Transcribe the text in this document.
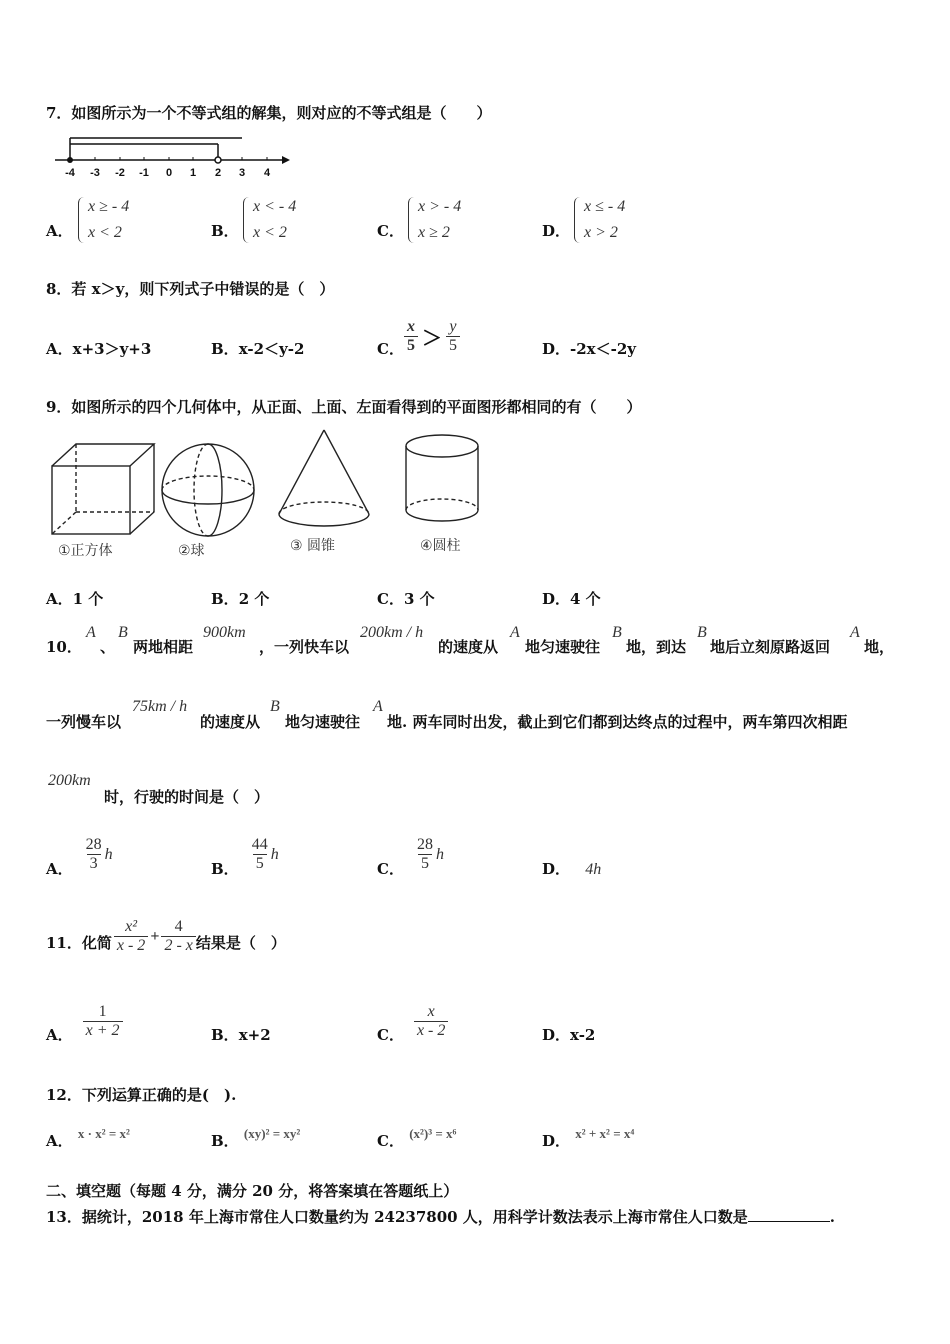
7．如图所示为一个不等式组的解集，则对应的不等式组是（　　）
-4 -3 -2 -1 0 1 2 3 4
A．
x ≥ - 4
x < 2	B．
x < - 4
x < 2	C．
x > - 4
x ≥ 2	D．
x ≤ - 4
x > 2
8．若 x＞y，则下列式子中错误的是（　）
A．x+3＞y+3	B．x-2＜y-2	C． $\frac{x}{5} > \frac{y}{5}$	D．-2x＜-2y
9．如图所示的四个几何体中，从正面、上面、左面看得到的平面图形都相同的有（　　）
①正方体	②球	③ 圆锥	④圆柱
A．1 个	B．2 个	C．3 个	D．4 个
10．
A
、
B
两地相距
900km
，一列快车以
200km / h
的速度从
A
地匀速驶往
B
地，到达
B
地后立刻原路返回
A
地，
一列慢车以
75km / h
的速度从
B
地匀速驶往
A
地. 两车同时出发，截止到它们都到达终点的过程中，两车第四次相距
200km
时，行驶的时间是（　）
A． $\frac{28}{3}$ h
B． $\frac{44}{5}$ h
C． $\frac{28}{5}$ h
D． 4h
11．化简 $\frac{\text{x²}}{x - 2} + \frac{4}{2 - x}$ 结果是（　）
A． $\frac{1}{x + 2}$	B．x+2	C． $\frac{x}{x - 2}$	D．x-2
12．下列运算正确的是(　).
A． x · x² = x²	B． (xy)² = xy²	C． (x²)³ = x⁶	D． x² + x² = x⁴
二、填空题（每题 4 分，满分 20 分，将答案填在答题纸上）
13．据统计，2018 年上海市常住人口数量约为 24237800 人，用科学计数法表示上海市常住人口数是	.
